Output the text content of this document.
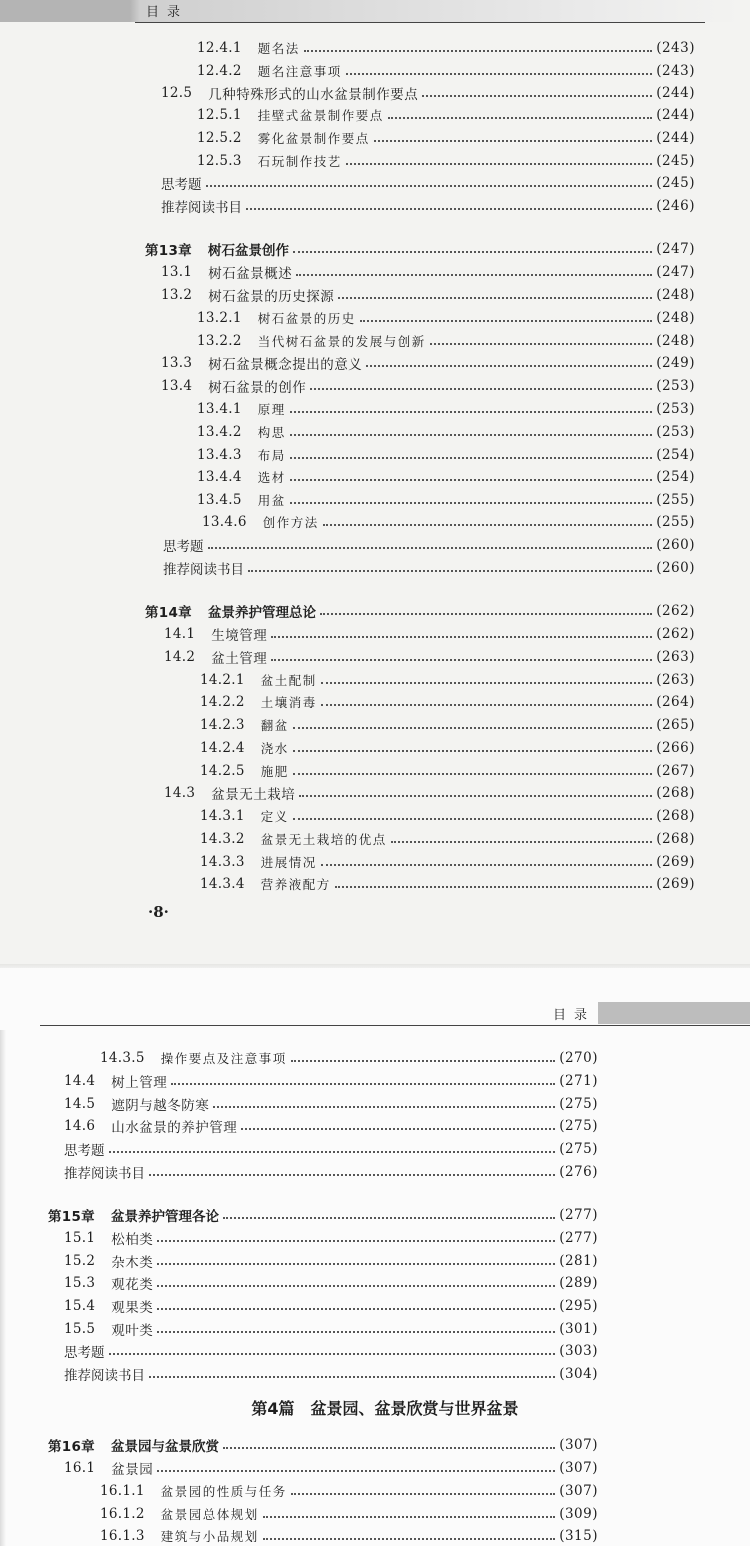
目录
12.4.1 题名法	(243)
12.4.2 题名注意事项	(243)
12.5 几种特殊形式的山水盆景制作要点	(244)
12.5.1 挂壁式盆景制作要点	(244)
12.5.2 雾化盆景制作要点	(244)
12.5.3 石玩制作技艺	(245)
思考题	(245)
推荐阅读书目	(246)
第13章 树石盆景创作	(247)
13.1 树石盆景概述	(247)
13.2 树石盆景的历史探源	(248)
13.2.1 树石盆景的历史	(248)
13.2.2 当代树石盆景的发展与创新	(248)
13.3 树石盆景概念提出的意义	(249)
13.4 树石盆景的创作	(253)
13.4.1 原理	(253)
13.4.2 构思	(253)
13.4.3 布局	(254)
13.4.4 选材	(254)
13.4.5 用盆	(255)
13.4.6 创作方法	(255)
思考题	(260)
推荐阅读书目	(260)
第14章 盆景养护管理总论	(262)
14.1 生境管理	(262)
14.2 盆土管理	(263)
14.2.1 盆土配制	(263)
14.2.2 土壤消毒	(264)
14.2.3 翻盆	(265)
14.2.4 浇水	(266)
14.2.5 施肥	(267)
14.3 盆景无土栽培	(268)
14.3.1 定义	(268)
14.3.2 盆景无土栽培的优点	(268)
14.3.3 进展情况	(269)
14.3.4 营养液配方	(269)
·8·
目录
14.3.5 操作要点及注意事项	(270)
14.4 树上管理	(271)
14.5 遮阴与越冬防寒	(275)
14.6 山水盆景的养护管理	(275)
思考题	(275)
推荐阅读书目	(276)
第15章 盆景养护管理各论	(277)
15.1 松柏类	(277)
15.2 杂木类	(281)
15.3 观花类	(289)
15.4 观果类	(295)
15.5 观叶类	(301)
思考题	(303)
推荐阅读书目	(304)
第16章 盆景园与盆景欣赏	(307)
16.1 盆景园	(307)
16.1.1 盆景园的性质与任务	(307)
16.1.2 盆景园总体规划	(309)
16.1.3 建筑与小品规划	(315)
第4篇　盆景园、盆景欣赏与世界盆景
